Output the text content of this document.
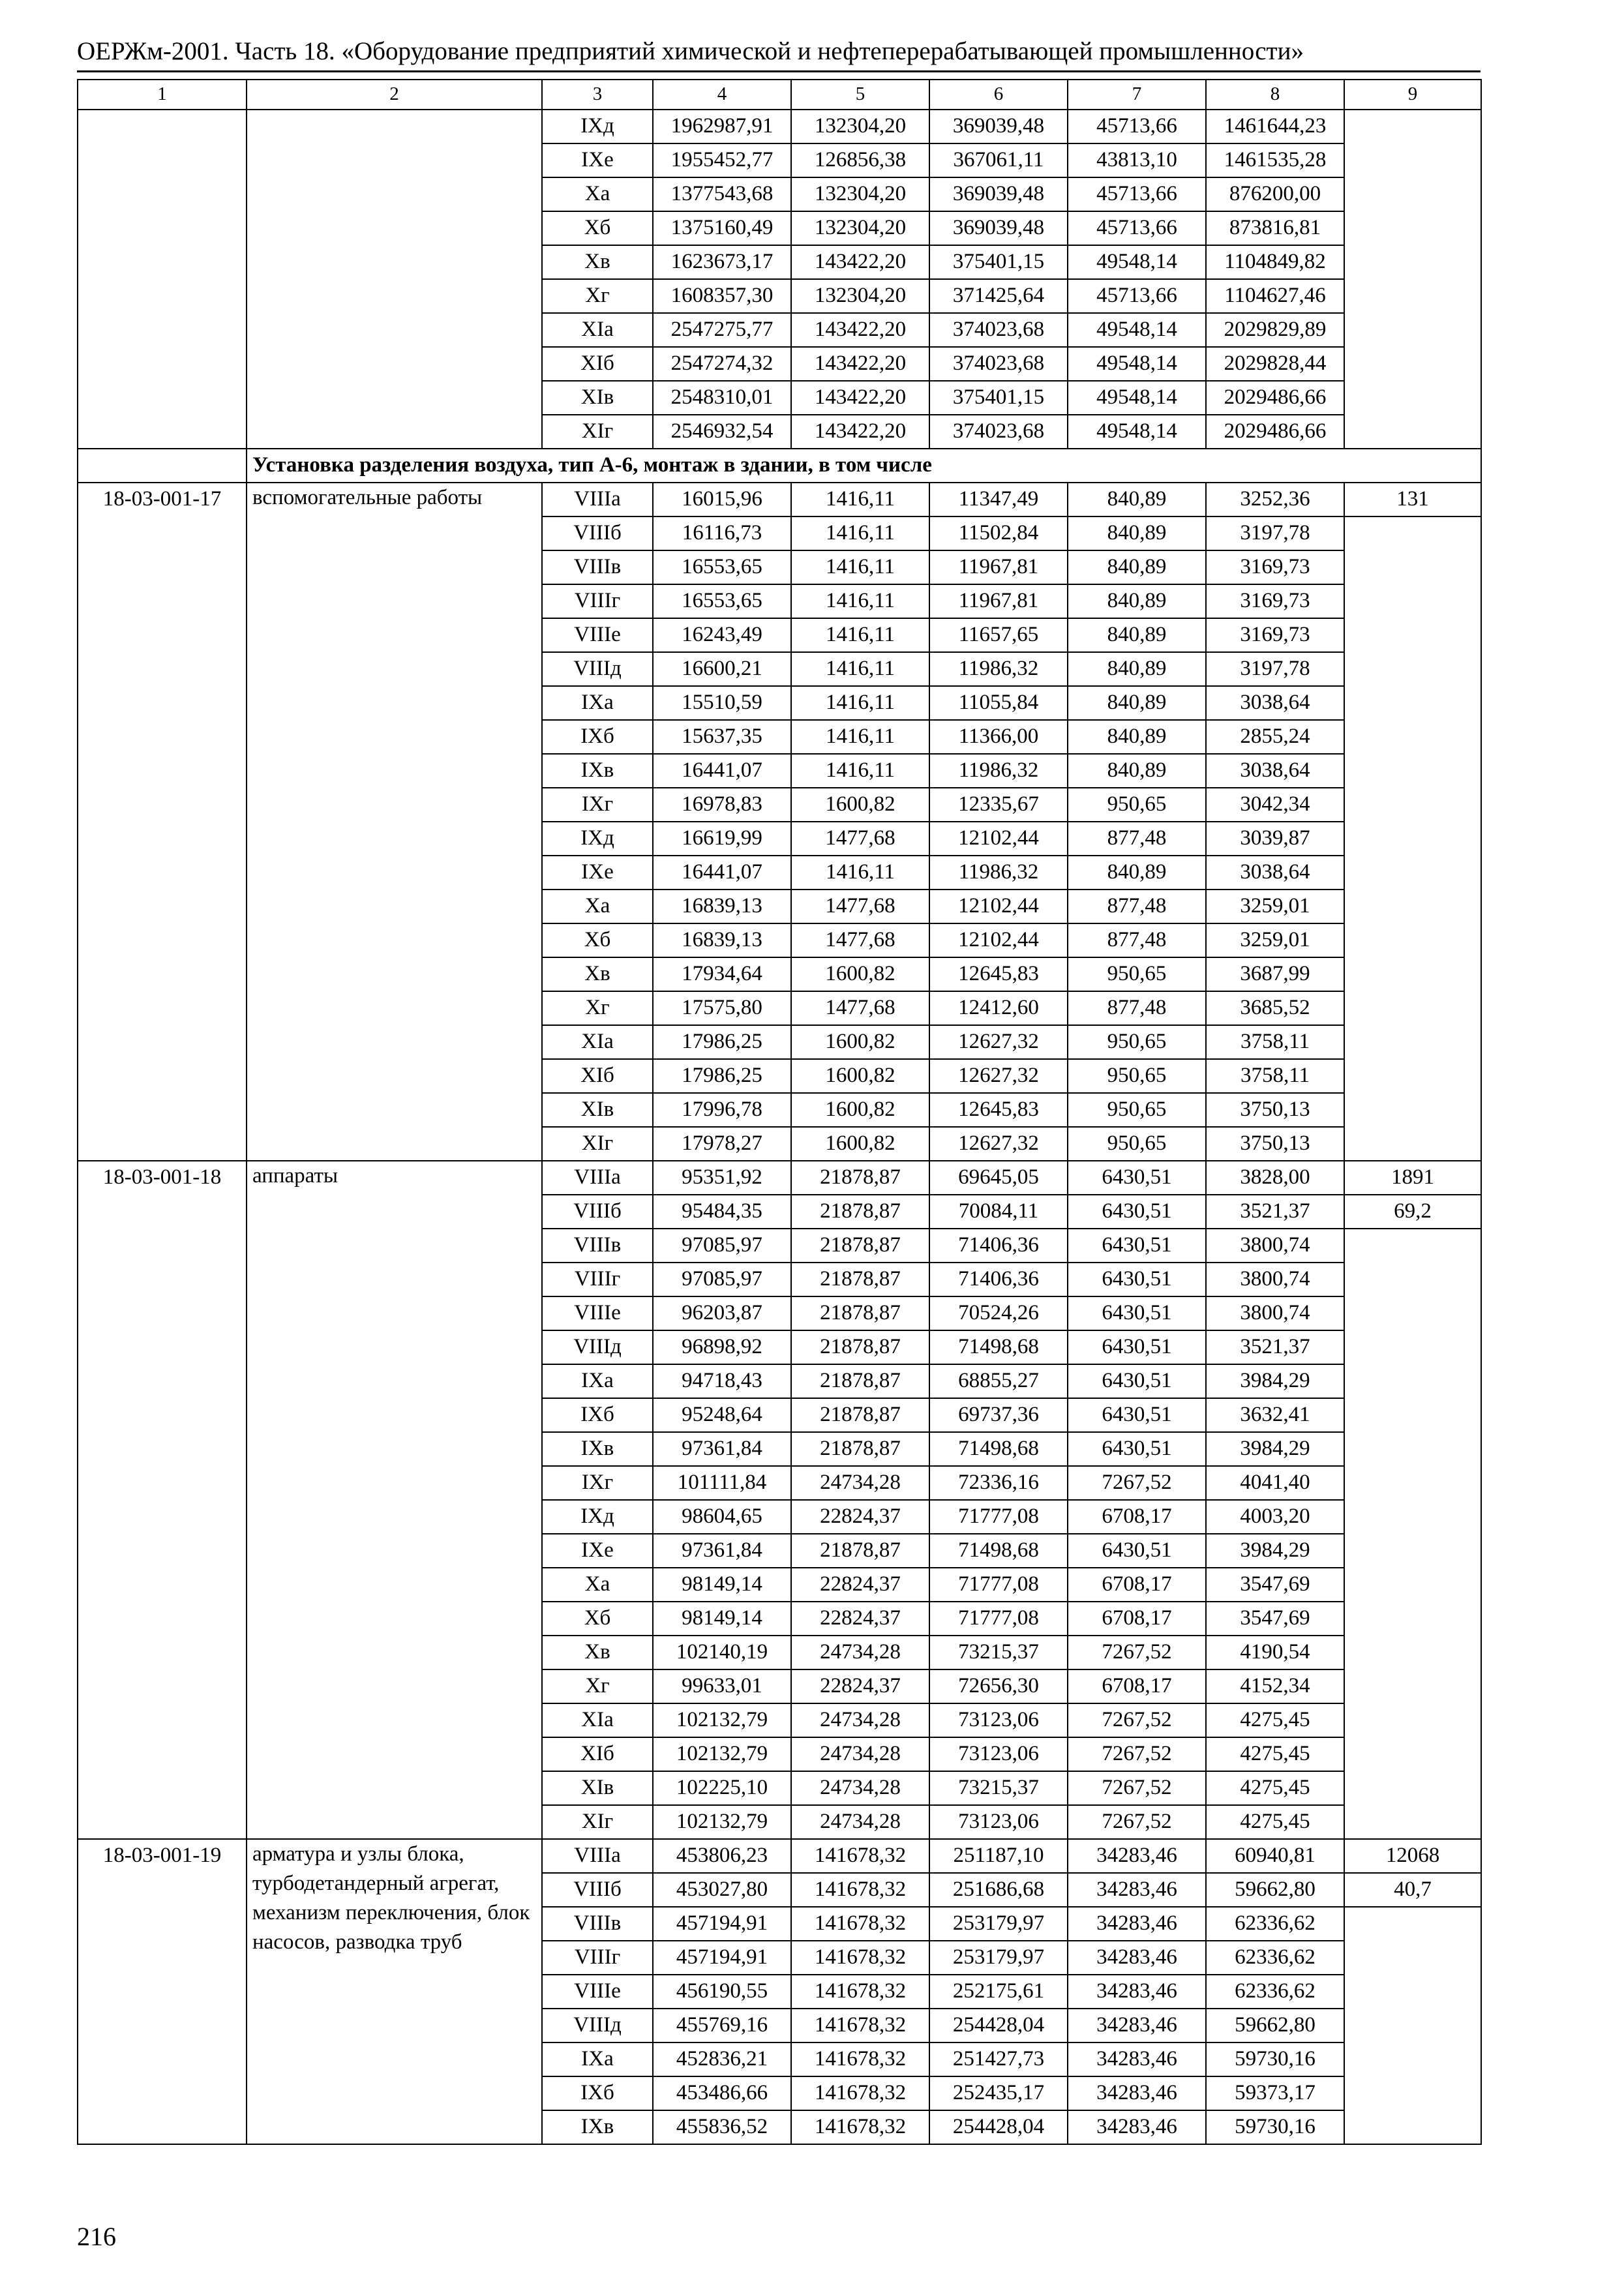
ОЕРЖм-2001. Часть 18. «Оборудование предприятий химической и нефтеперерабатывающей промышленности»
1	2	3	4	5	6	7	8	9
		IXд	1962987,91	132304,20	369039,48	45713,66	1461644,23	
		IXе	1955452,77	126856,38	367061,11	43813,10	1461535,28	
		Xа	1377543,68	132304,20	369039,48	45713,66	876200,00	
		Xб	1375160,49	132304,20	369039,48	45713,66	873816,81	
		Xв	1623673,17	143422,20	375401,15	49548,14	1104849,82	
		Xг	1608357,30	132304,20	371425,64	45713,66	1104627,46	
		XIа	2547275,77	143422,20	374023,68	49548,14	2029829,89	
		XIб	2547274,32	143422,20	374023,68	49548,14	2029828,44	
		XIв	2548310,01	143422,20	375401,15	49548,14	2029486,66	
		XIг	2546932,54	143422,20	374023,68	49548,14	2029486,66	
	Установка разделения воздуха, тип А-6, монтаж в здании, в том числе							
18-03-001-17	вспомогательные работы	VIIIа	16015,96	1416,11	11347,49	840,89	3252,36	131
		VIIIб	16116,73	1416,11	11502,84	840,89	3197,78	
		VIIIв	16553,65	1416,11	11967,81	840,89	3169,73	
		VIIIг	16553,65	1416,11	11967,81	840,89	3169,73	
		VIIIе	16243,49	1416,11	11657,65	840,89	3169,73	
		VIIIд	16600,21	1416,11	11986,32	840,89	3197,78	
		IXа	15510,59	1416,11	11055,84	840,89	3038,64	
		IXб	15637,35	1416,11	11366,00	840,89	2855,24	
		IXв	16441,07	1416,11	11986,32	840,89	3038,64	
		IXг	16978,83	1600,82	12335,67	950,65	3042,34	
		IXд	16619,99	1477,68	12102,44	877,48	3039,87	
		IXе	16441,07	1416,11	11986,32	840,89	3038,64	
		Xа	16839,13	1477,68	12102,44	877,48	3259,01	
		Xб	16839,13	1477,68	12102,44	877,48	3259,01	
		Xв	17934,64	1600,82	12645,83	950,65	3687,99	
		Xг	17575,80	1477,68	12412,60	877,48	3685,52	
		XIа	17986,25	1600,82	12627,32	950,65	3758,11	
		XIб	17986,25	1600,82	12627,32	950,65	3758,11	
		XIв	17996,78	1600,82	12645,83	950,65	3750,13	
		XIг	17978,27	1600,82	12627,32	950,65	3750,13	
18-03-001-18	аппараты	VIIIа	95351,92	21878,87	69645,05	6430,51	3828,00	1891
		VIIIб	95484,35	21878,87	70084,11	6430,51	3521,37	69,2
		VIIIв	97085,97	21878,87	71406,36	6430,51	3800,74	
		VIIIг	97085,97	21878,87	71406,36	6430,51	3800,74	
		VIIIе	96203,87	21878,87	70524,26	6430,51	3800,74	
		VIIIд	96898,92	21878,87	71498,68	6430,51	3521,37	
		IXа	94718,43	21878,87	68855,27	6430,51	3984,29	
		IXб	95248,64	21878,87	69737,36	6430,51	3632,41	
		IXв	97361,84	21878,87	71498,68	6430,51	3984,29	
		IXг	101111,84	24734,28	72336,16	7267,52	4041,40	
		IXд	98604,65	22824,37	71777,08	6708,17	4003,20	
		IXе	97361,84	21878,87	71498,68	6430,51	3984,29	
		Xа	98149,14	22824,37	71777,08	6708,17	3547,69	
		Xб	98149,14	22824,37	71777,08	6708,17	3547,69	
		Xв	102140,19	24734,28	73215,37	7267,52	4190,54	
		Xг	99633,01	22824,37	72656,30	6708,17	4152,34	
		XIа	102132,79	24734,28	73123,06	7267,52	4275,45	
		XIб	102132,79	24734,28	73123,06	7267,52	4275,45	
		XIв	102225,10	24734,28	73215,37	7267,52	4275,45	
		XIг	102132,79	24734,28	73123,06	7267,52	4275,45	
18-03-001-19	арматура и узлы блока, турбодетандерный агрегат, механизм переключения, блок насосов, разводка труб	VIIIа	453806,23	141678,32	251187,10	34283,46	60940,81	12068
		VIIIб	453027,80	141678,32	251686,68	34283,46	59662,80	40,7
		VIIIв	457194,91	141678,32	253179,97	34283,46	62336,62	
		VIIIг	457194,91	141678,32	253179,97	34283,46	62336,62	
		VIIIе	456190,55	141678,32	252175,61	34283,46	62336,62	
		VIIIд	455769,16	141678,32	254428,04	34283,46	59662,80	
		IXа	452836,21	141678,32	251427,73	34283,46	59730,16	
		IXб	453486,66	141678,32	252435,17	34283,46	59373,17	
		IXв	455836,52	141678,32	254428,04	34283,46	59730,16	
216
